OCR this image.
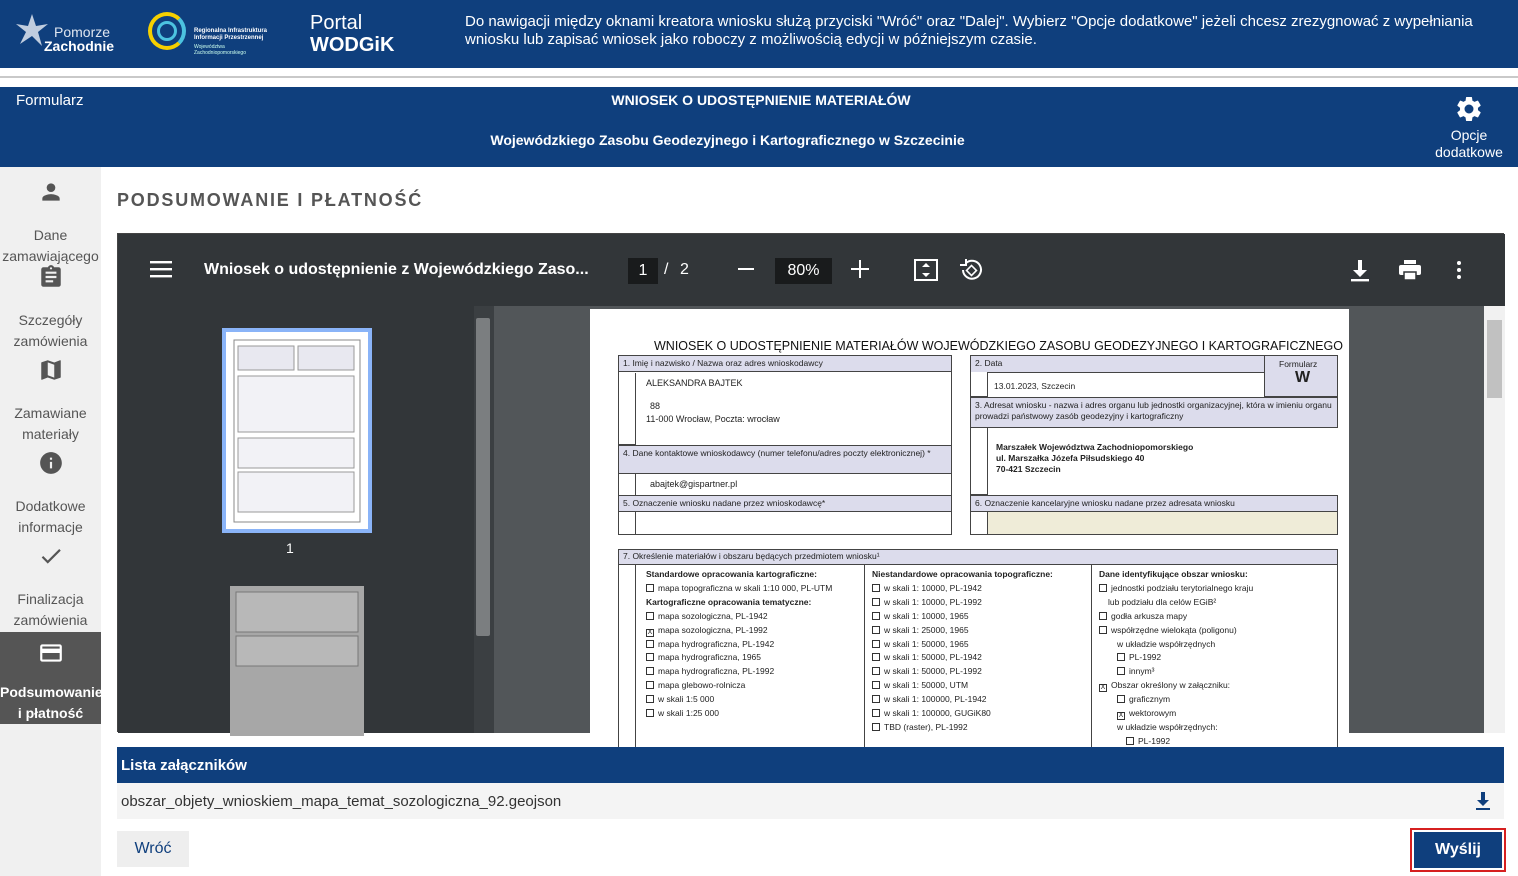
Pomorze
Zachodnie
Regionalna Infrastruktura
Informacji Przestrzennej
Województwa Zachodniopomorskiego
Portal
WODGiK
Do nawigacji między oknami kreatora wniosku służą przyciski "Wróć" oraz "Dalej". Wybierz "Opcje dodatkowe" jeżeli chcesz zrezygnować z wypełniania wniosku lub zapisać wniosek jako roboczy z możliwością edycji w późniejszym czasie.
Formularz	WNIOSEK O UDOSTĘPNIENIE MATERIAŁÓW
Wojewódzkiego Zasobu Geodezyjnego i Kartograficznego w Szczecinie	Opcje
dodatkowe
Dane
zamawiającego
Szczegóły
zamówienia
Zamawiane
materiały
Dodatkowe
informacje
Finalizacja
zamówienia
Podsumowanie
i płatność
PODSUMOWANIE I PŁATNOŚĆ
Wniosek o udostępnienie z Wojewódzkiego Zaso...	1	/ 2	80%
1
WNIOSEK O UDOSTĘPNIENIE MATERIAŁÓW WOJEWÓDZKIEGO ZASOBU GEODEZYJNEGO I KARTOGRAFICZNEGO
1. Imię i nazwisko / Nazwa oraz adres wnioskodawcy
ALEKSANDRA BAJTEK
88
11-000 Wrocław, Poczta: wrocław
2. Data
13.01.2023, Szczecin
Formularz
W
3. Adresat wniosku - nazwa i adres organu lub jednostki organizacyjnej, która w imieniu organu prowadzi państwowy zasób geodezyjny i kartograficzny
Marszałek Województwa Zachodniopomorskiego
ul. Marszałka Józefa Piłsudskiego 40
70-421 Szczecin
4. Dane kontaktowe wnioskodawcy (numer telefonu/adres poczty elektronicznej) *
abajtek@gispartner.pl
5. Oznaczenie wniosku nadane przez wnioskodawcę*	6. Oznaczenie kancelaryjne wniosku nadane przez adresata wniosku
7. Określenie materiałów i obszaru będących przedmiotem wniosku¹
Standardowe opracowania kartograficzne:
mapa topograficzna w skali 1:10 000, PL-UTM
Kartograficzne opracowania tematyczne:
mapa sozologiczna, PL-1942
X mapa sozologiczna, PL-1992
mapa hydrograficzna, PL-1942
mapa hydrograficzna, 1965
mapa hydrograficzna, PL-1992
mapa glebowo-rolnicza
w skali 1:5 000
w skali 1:25 000
Niestandardowe opracowania topograficzne:
w skali 1: 10000, PL-1942
w skali 1: 10000, PL-1992
w skali 1: 10000, 1965
w skali 1: 25000, 1965
w skali 1: 50000, 1965
w skali 1: 50000, PL-1942
w skali 1: 50000, PL-1992
w skali 1: 50000, UTM
w skali 1: 100000, PL-1942
w skali 1: 100000, GUGiK80
TBD (raster), PL-1992
Dane identyfikujące obszar wniosku:
jednostki podziału terytorialnego kraju
lub podziału dla celów EGiB²
godła arkusza mapy
współrzędne wielokąta (poligonu)
w układzie współrzędnych
PL-1992
innym³
X Obszar określony w załączniku:
graficznym
X wektorowym
w układzie współrzędnych:
PL-1992
Lista załączników
obszar_objety_wnioskiem_mapa_temat_sozologiczna_92.geojson
Wróć	Wyślij
